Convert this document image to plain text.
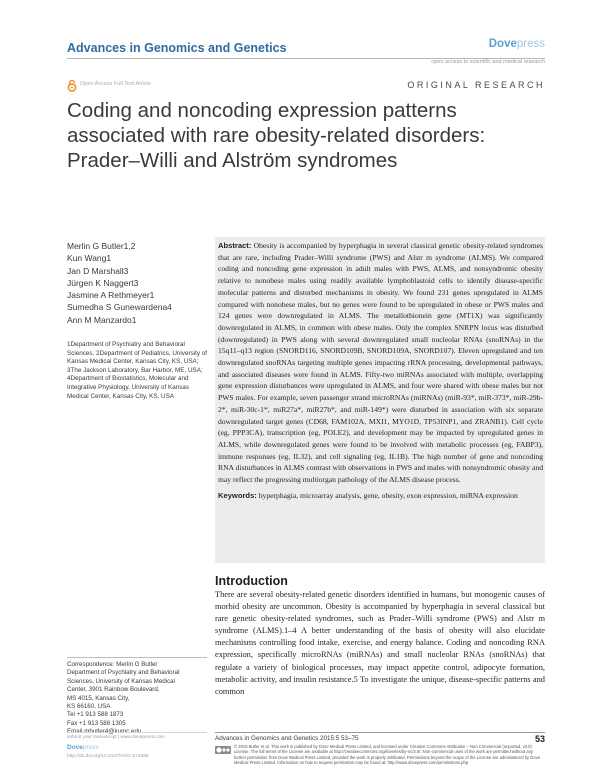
Advances in Genomics and Genetics	Dovepress
open access to scientific and medical research
Open Access Full Text Article	ORIGINAL RESEARCH
Coding and noncoding expression patterns associated with rare obesity-related disorders: Prader–Willi and Alström syndromes
Merlin G Butler1,2
Kun Wang1
Jan D Marshall3
Jürgen K Naggert3
Jasmine A Rethmeyer1
Sumedha S Gunewardena4
Ann M Manzardo1
1Department of Psychiatry and Behavioral Sciences, 2Department of Pediatrics, University of Kansas Medical Center, Kansas City, KS, USA; 3The Jackson Laboratory, Bar Harbor, ME, USA; 4Department of Biostatistics, Molecular and Integrative Physiology, University of Kansas Medical Center, Kansas City, KS, USA
Correspondence: Merlin G Butler
Department of Psychiatry and Behavioral
Sciences, University of Kansas Medical
Center, 3901 Rainbow Boulevard,
MS 4015, Kansas City,
KS 66160, USA
Tel +1 913 588 1873
Fax +1 913 588 1305
Abstract: Obesity is accompanied by hyperphagia in several classical genetic obesity-related syndromes that are rare, including Prader–Willi syndrome (PWS) and Alstr m syndrome (ALMS). We compared coding and noncoding gene expression in adult males with PWS, ALMS, and nonsyndromic obesity relative to nonobese males using readily available lymphoblastoid cells to identify disease-specific molecular patterns and disturbed mechanisms in obesity. We found 231 genes upregulated in ALMS compared with nonobese males, but no genes were found to be upregulated in obese or PWS males and 124 genes were downregulated in ALMS. The metallothionein gene (MT1X) was significantly downregulated in ALMS, in common with obese males. Only the complex SNRPN locus was disturbed (downregulated) in PWS along with several downregulated small nucleolar RNAs (snoRNAs) in the 15q11–q13 region (SNORD116, SNORD109B, SNORD109A, SNORD107). Eleven upregulated and ten downregulated snoRNAs targeting multiple genes impacting rRNA processing, developmental pathways, and associated diseases were found in ALMS. Fifty-two miRNAs associated with multiple, overlapping gene expression disturbances were upregulated in ALMS, and four were shared with obese males but not PWS males. For example, seven passenger strand microRNAs (miRNAs) (miR-93*, miR-373*, miR-29b-2*, miR-30c-1*, miR27a*, miR27b*, and miR-149*) were disturbed in association with six separate downregulated target genes (CD68, FAM102A, MXI1, MYO1D, TP53INP1, and ZRANB1). Cell cycle (eg, PPP3CA), transcription (eg, POLE2), and development may be impacted by upregulated genes in ALMS, while downregulated genes were found to be involved with metabolic processes (eg, FABP3), immune responses (eg, IL32), and cell signaling (eg, IL1B). The high number of gene and noncoding RNA disturbances in ALMS contrast with observations in PWS and males with nonsyndromic obesity and may reflect the progressing multiorgan pathology of the ALMS disease process.
Keywords: hyperphagia, microarray analysis, gene, obesity, exon expression, miRNA expression
Introduction
There are several obesity-related genetic disorders identified in humans, but monogenic causes of morbid obesity are uncommon. Obesity is accompanied by hyperphagia in several classical but rare genetic obesity-related syndromes, such as Prader–Willi syndrome (PWS) and Alstr m syndrome (ALMS).1–4 A better understanding of the basis of obesity will also elucidate mechanisms controlling food intake, exercise, and energy balance. Coding and noncoding RNA expression, specifically microRNAs (miRNAs) and small nucleolar RNAs (snoRNAs) that regulate a variety of biological processes, may impact appetite control, adipocyte formation, metabolic activity, and insulin resistance.5 To investigate the unique, disease-specific patterns and common
submit your manuscript | www.dovepress.com
Dovepress
http://dx.doi.org/10.2147/AGG.S74598
Advances in Genomics and Genetics 2015:5 53–75	53
© 2015 Butler et al. This work is published by Dove Medical Press Limited, and licensed under Creative Commons Attribution – Non Commercial (unported, v3.0) License. The full terms of the License are available at http://creativecommons.org/licenses/by-nc/3.0/. Non-commercial uses of the work are permitted without any further permission from Dove Medical Press Limited, provided the work is properly attributed. Permissions beyond the scope of the License are administered by Dove Medical Press Limited. Information on how to request permission may be found at: http://www.dovepress.com/permissions.php
